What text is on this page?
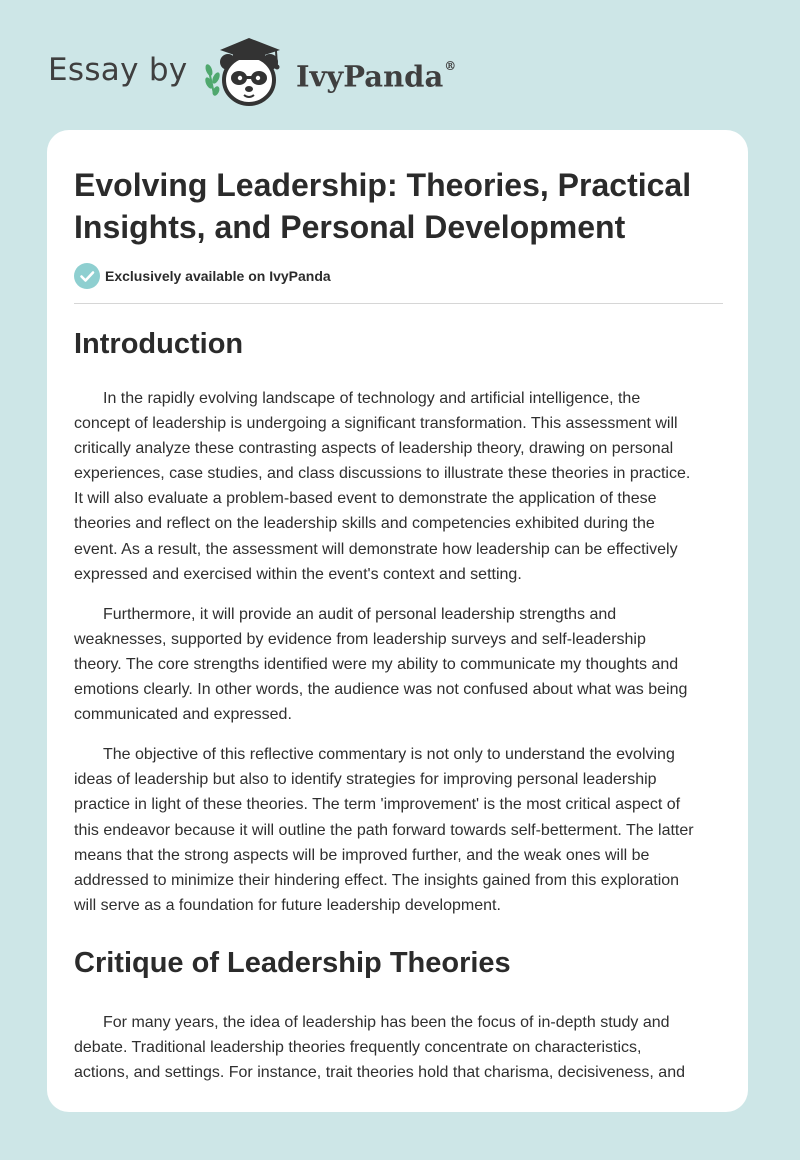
Essay by	IvyPanda®
Evolving Leadership: Theories, Practical Insights, and Personal Development
Exclusively available on IvyPanda
Introduction

In the rapidly evolving landscape of technology and artificial intelligence, the
concept of leadership is undergoing a significant transformation. This assessment will
critically analyze these contrasting aspects of leadership theory, drawing on personal
experiences, case studies, and class discussions to illustrate these theories in practice.
It will also evaluate a problem-based event to demonstrate the application of these
theories and reflect on the leadership skills and competencies exhibited during the
event. As a result, the assessment will demonstrate how leadership can be effectively
expressed and exercised within the event's context and setting.

Furthermore, it will provide an audit of personal leadership strengths and
weaknesses, supported by evidence from leadership surveys and self-leadership
theory. The core strengths identified were my ability to communicate my thoughts and
emotions clearly. In other words, the audience was not confused about what was being
communicated and expressed.

The objective of this reflective commentary is not only to understand the evolving
ideas of leadership but also to identify strategies for improving personal leadership
practice in light of these theories. The term 'improvement' is the most critical aspect of
this endeavor because it will outline the path forward towards self-betterment. The latter
means that the strong aspects will be improved further, and the weak ones will be
addressed to minimize their hindering effect. The insights gained from this exploration
will serve as a foundation for future leadership development.

Critique of Leadership Theories

For many years, the idea of leadership has been the focus of in-depth study and
debate. Traditional leadership theories frequently concentrate on characteristics,
actions, and settings. For instance, trait theories hold that charisma, decisiveness, and
